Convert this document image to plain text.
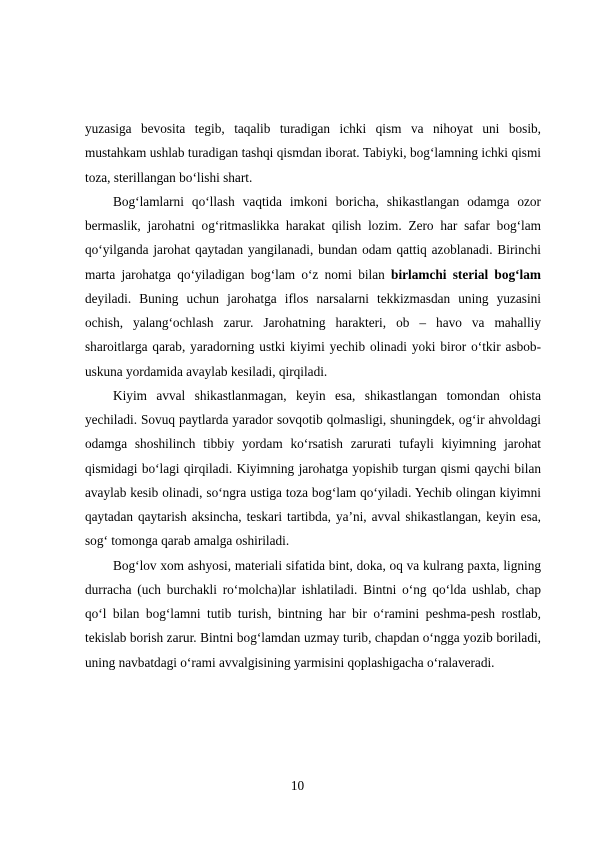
yuzasiga bevosita tegib, taqalib turadigan ichki qism va nihoyat uni bosib, mustahkam ushlab turadigan tashqi qismdan iborat. Tabiyki, bog‘lamning ichki qismi toza, sterillangan bo‘lishi shart.

Bog‘lamlarni qo‘llash vaqtida imkoni boricha, shikastlangan odamga ozor bermaslik, jarohatni og‘ritmaslikka harakat qilish lozim. Zero har safar bog‘lam qo‘yilganda jarohat qaytadan yangilanadi, bundan odam qattiq azoblanadi. Birinchi marta jarohatga qo‘yiladigan bog‘lam o‘z nomi bilan birlamchi sterial bog‘lam deyiladi. Buning uchun jarohatga iflos narsalarni tekkizmasdan uning yuzasini ochish, yalang‘ochlash zarur. Jarohatning harakteri, ob – havo va mahalliy sharoitlarga qarab, yaradorning ustki kiyimi yechib olinadi yoki biror o‘tkir asbob-uskuna yordamida avaylab kesiladi, qirqiladi.

Kiyim avval shikastlanmagan, keyin esa, shikastlangan tomondan ohista yechiladi. Sovuq paytlarda yarador sovqotib qolmasligi, shuningdek, og‘ir ahvoldagi odamga shoshilinch tibbiy yordam ko‘rsatish zarurati tufayli kiyimning jarohat qismidagi bo‘lagi qirqiladi. Kiyimning jarohatga yopishib turgan qismi qaychi bilan avaylab kesib olinadi, so‘ngra ustiga toza bog‘lam qo‘yiladi. Yechib olingan kiyimni qaytadan qaytarish aksincha, teskari tartibda, ya’ni, avval shikastlangan, keyin esa, sog‘ tomonga qarab amalga oshiriladi.

Bog‘lov xom ashyosi, materiali sifatida bint, doka, oq va kulrang paxta, ligning durracha (uch burchakli ro‘molcha)lar ishlatiladi. Bintni o‘ng qo‘lda ushlab, chap qo‘l bilan bog‘lamni tutib turish, bintning har bir o‘ramini peshma-pesh rostlab, tekislab borish zarur. Bintni bog‘lamdan uzmay turib, chapdan o‘ngga yozib boriladi, uning navbatdagi o‘rami avvalgisining yarmisini qoplashigacha o‘ralaveradi.

10
